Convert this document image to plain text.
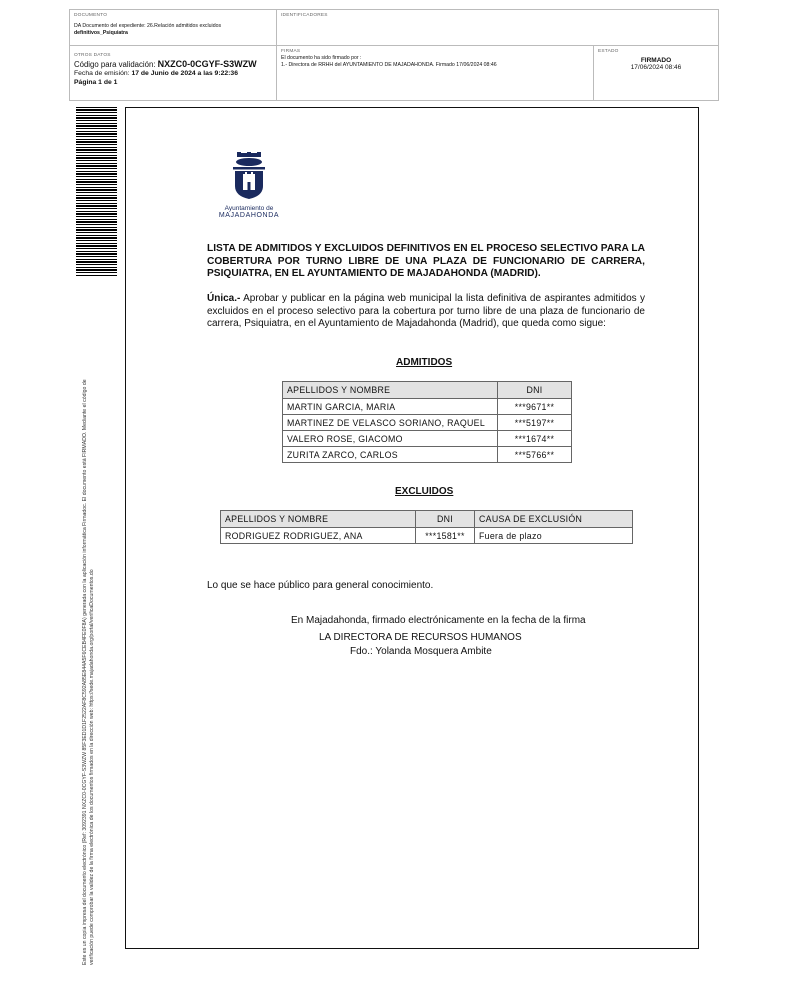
DOCUMENTO
DA Documento del expediente: 26.Relación admitidos excluidos
definitivos_Psiquiatra
IDENTIFICADORES
OTROS DATOS
Código para validación: NXZC0-0CGYF-S3WZW
Fecha de emisión: 17 de Junio de 2024 a las 9:22:36
Página 1 de 1
FIRMAS
El documento ha sido firmado por :
1.- Directora de RRHH del AYUNTAMIENTO DE MAJADAHONDA. Firmado 17/06/2024 08:46
ESTADO
FIRMADO
17/06/2024 08:46
Este es un copia impresa del documento electrónico (Ref: 3092391 NXZC0-0CGYF-S3WZW 85F3ED1D1F2522AF8C592A85E844A5F6CEB4FE0F8A) generada con la aplicación informática Firmadoc. El documento está FIRMADO. Mediante el código de verificación puede comprobar la validez de la firma electrónica de los documentos firmados en la dirección web: https://sede.majadahonda.org/portal/verificaDocumentos.do
Ayuntamiento de
MAJADAHONDA
LISTA DE ADMITIDOS Y EXCLUIDOS DEFINITIVOS EN EL PROCESO SELECTIVO PARA LA COBERTURA POR TURNO LIBRE DE UNA PLAZA DE FUNCIONARIO DE CARRERA, PSIQUIATRA, EN EL AYUNTAMIENTO DE MAJADAHONDA (MADRID).
Única.- Aprobar y publicar en la página web municipal la lista definitiva de aspirantes admitidos y excluidos en el proceso selectivo para la cobertura por turno libre de una plaza de funcionario de carrera, Psiquiatra, en el Ayuntamiento de Majadahonda (Madrid), que queda como sigue:
ADMITIDOS
APELLIDOS Y NOMBRE	DNI
MARTIN GARCIA, MARIA	***9671**
MARTINEZ DE VELASCO SORIANO, RAQUEL	***5197**
VALERO ROSE, GIACOMO	***1674**
ZURITA ZARCO, CARLOS	***5766**
EXCLUIDOS
APELLIDOS Y NOMBRE	DNI	CAUSA DE EXCLUSIÓN
RODRIGUEZ RODRIGUEZ, ANA	***1581**	Fuera de plazo
Lo que se hace público para general conocimiento.
En Majadahonda, firmado electrónicamente en la fecha de la firma
LA DIRECTORA DE RECURSOS HUMANOS
Fdo.: Yolanda Mosquera Ambite
